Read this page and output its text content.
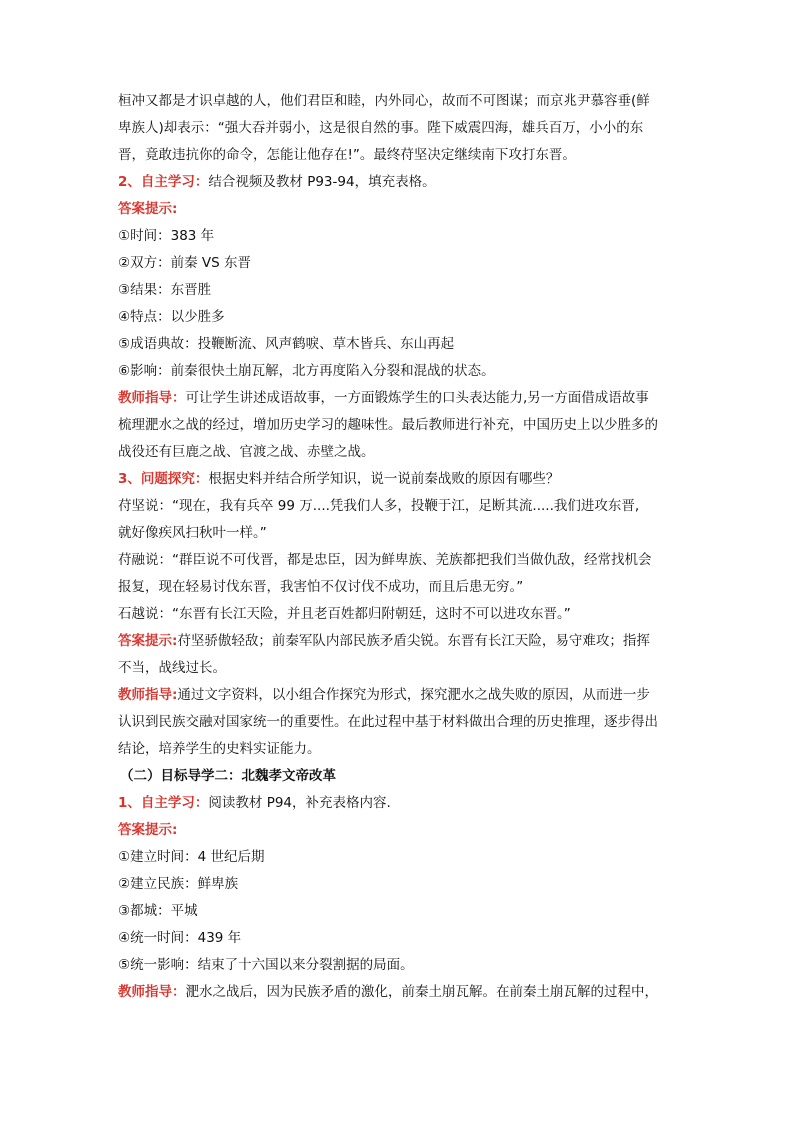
桓冲又都是才识卓越的人，他们君臣和睦，内外同心，故而不可图谋；而京兆尹慕容垂(鲜
卑族人)却表示：“强大吞并弱小，这是很自然的事。陛下威震四海，雄兵百万，小小的东
晋，竟敢违抗你的命令，怎能让他存在!”。最终苻坚决定继续南下攻打东晋。
2、自主学习：结合视频及教材 P93-94，填充表格。
答案提示:
①时间：383 年
②双方：前秦 VS 东晋
③结果：东晋胜
④特点：以少胜多
⑤成语典故：投鞭断流、风声鹤唳、草木皆兵、东山再起
⑥影响：前秦很快土崩瓦解，北方再度陷入分裂和混战的状态。
教师指导：可让学生讲述成语故事，一方面锻炼学生的口头表达能力,另一方面借成语故事
梳理淝水之战的经过，增加历史学习的趣味性。最后教师进行补充，中国历史上以少胜多的
战役还有巨鹿之战、官渡之战、赤壁之战。
3、问题探究：根据史料并结合所学知识，说一说前秦战败的原因有哪些？
苻坚说：“现在，我有兵卒 99 万....凭我们人多，投鞭于江，足断其流.....我们进攻东晋,
就好像疾风扫秋叶一样。”
苻融说：“群臣说不可伐晋，都是忠臣，因为鲜卑族、羌族都把我们当做仇敌，经常找机会
报复，现在轻易讨伐东晋，我害怕不仅讨伐不成功，而且后患无穷。”
石越说：“东晋有长江天险，并且老百姓都归附朝廷，这时不可以进攻东晋。”
答案提示:苻坚骄傲轻敌；前秦军队内部民族矛盾尖锐。东晋有长江天险，易守难攻；指挥
不当，战线过长。
教师指导:通过文字资料，以小组合作探究为形式，探究淝水之战失败的原因，从而进一步
认识到民族交融对国家统一的重要性。在此过程中基于材料做出合理的历史推理，逐步得出
结论，培养学生的史料实证能力。
（二）目标导学二：北魏孝文帝改革
1、自主学习：阅读教材 P94，补充表格内容.
答案提示:
①建立时间：4 世纪后期
②建立民族：鲜卑族
③都城：平城
④统一时间：439 年
⑤统一影响：结束了十六国以来分裂割据的局面。
教师指导：淝水之战后，因为民族矛盾的激化，前秦土崩瓦解。在前秦土崩瓦解的过程中，
